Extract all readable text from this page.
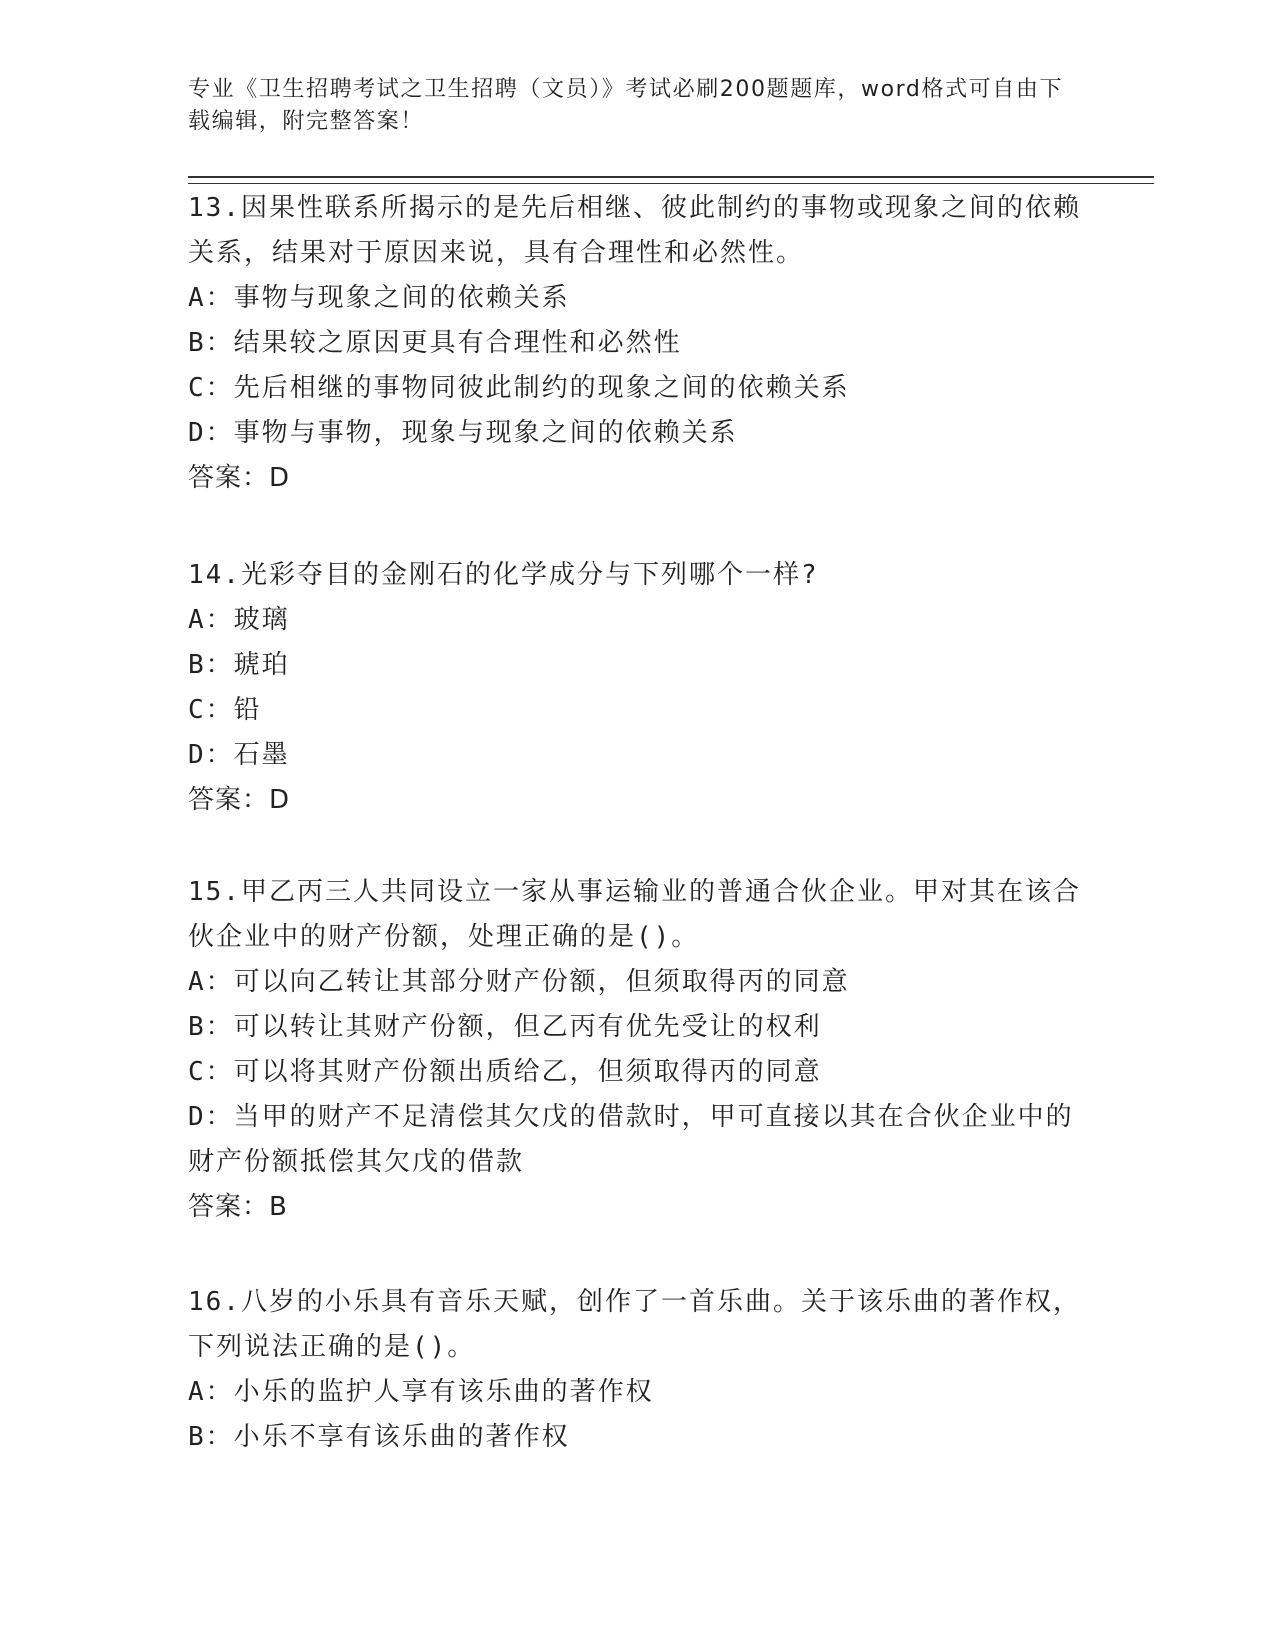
专业《卫生招聘考试之卫生招聘（文员）》考试必刷200题题库，word格式可自由下载编辑，附完整答案！

13.因果性联系所揭示的是先后相继、彼此制约的事物或现象之间的依赖关系，结果对于原因来说，具有合理性和必然性。

A：事物与现象之间的依赖关系

B：结果较之原因更具有合理性和必然性

C：先后相继的事物同彼此制约的现象之间的依赖关系

D：事物与事物，现象与现象之间的依赖关系

答案：D

14.光彩夺目的金刚石的化学成分与下列哪个一样?

A：玻璃

B：琥珀

C：铅

D：石墨

答案：D

15.甲乙丙三人共同设立一家从事运输业的普通合伙企业。甲对其在该合伙企业中的财产份额，处理正确的是()。

A：可以向乙转让其部分财产份额，但须取得丙的同意

B：可以转让其财产份额，但乙丙有优先受让的权利

C：可以将其财产份额出质给乙，但须取得丙的同意

D：当甲的财产不足清偿其欠戊的借款时，甲可直接以其在合伙企业中的财产份额抵偿其欠戊的借款

答案：B

16.八岁的小乐具有音乐天赋，创作了一首乐曲。关于该乐曲的著作权，下列说法正确的是()。

A：小乐的监护人享有该乐曲的著作权

B：小乐不享有该乐曲的著作权
